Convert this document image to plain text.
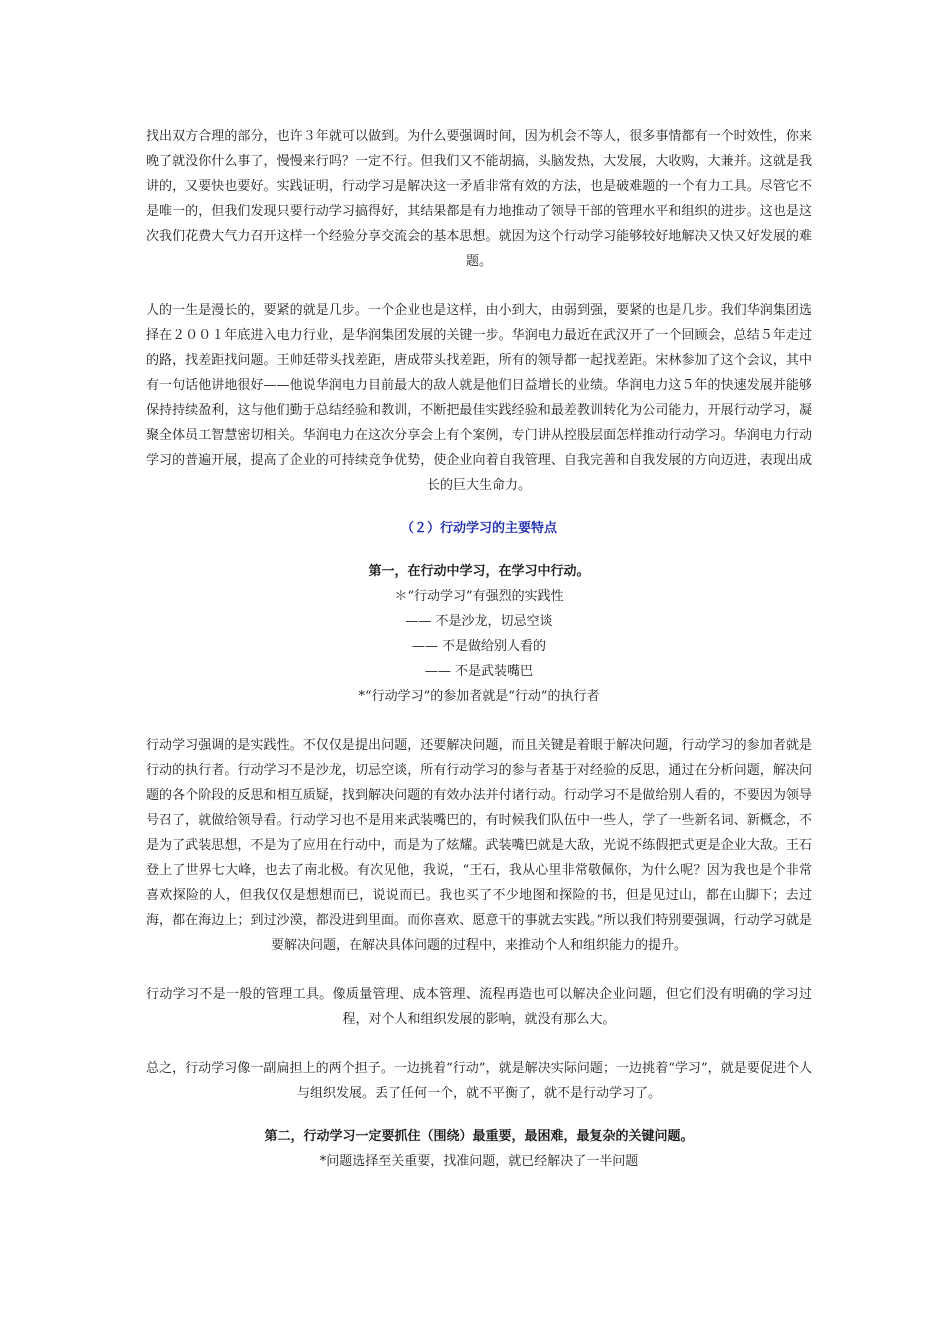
找出双方合理的部分，也许３年就可以做到。为什么要强调时间，因为机会不等人，很多事情都有一个时效性，你来晚了就没你什么事了，慢慢来行吗？一定不行。但我们又不能胡搞，头脑发热，大发展，大收购，大兼并。这就是我讲的，又要快也要好。实践证明，行动学习是解决这一矛盾非常有效的方法，也是破难题的一个有力工具。尽管它不是唯一的，但我们发现只要行动学习搞得好，其结果都是有力地推动了领导干部的管理水平和组织的进步。这也是这次我们花费大气力召开这样一个经验分享交流会的基本思想。就因为这个行动学习能够较好地解决又快又好发展的难题。

人的一生是漫长的，要紧的就是几步。一个企业也是这样，由小到大，由弱到强，要紧的也是几步。我们华润集团选择在２００１年底进入电力行业，是华润集团发展的关键一步。华润电力最近在武汉开了一个回顾会，总结５年走过的路，找差距找问题。王帅廷带头找差距，唐成带头找差距，所有的领导都一起找差距。宋林参加了这个会议，其中有一句话他讲地很好——他说华润电力目前最大的敌人就是他们日益增长的业绩。华润电力这５年的快速发展并能够保持持续盈利，这与他们勤于总结经验和教训，不断把最佳实践经验和最差教训转化为公司能力，开展行动学习，凝聚全体员工智慧密切相关。华润电力在这次分享会上有个案例，专门讲从控股层面怎样推动行动学习。华润电力行动学习的普遍开展，提高了企业的可持续竞争优势，使企业向着自我管理、自我完善和自我发展的方向迈进，表现出成长的巨大生命力。

（２）行动学习的主要特点

第一，在行动中学习，在学习中行动。

＊“行动学习”有强烈的实践性

—— 不是沙龙，切忌空谈

—— 不是做给别人看的

—— 不是武装嘴巴

*“行动学习”的参加者就是“行动”的执行者

行动学习强调的是实践性。不仅仅是提出问题，还要解决问题，而且关键是着眼于解决问题，行动学习的参加者就是行动的执行者。行动学习不是沙龙，切忌空谈，所有行动学习的参与者基于对经验的反思，通过在分析问题，解决问题的各个阶段的反思和相互质疑，找到解决问题的有效办法并付诸行动。行动学习不是做给别人看的，不要因为领导号召了，就做给领导看。行动学习也不是用来武装嘴巴的，有时候我们队伍中一些人，学了一些新名词、新概念，不是为了武装思想，不是为了应用在行动中，而是为了炫耀。武装嘴巴就是大敌，光说不练假把式更是企业大敌。王石登上了世界七大峰，也去了南北极。有次见他，我说，“王石，我从心里非常敬佩你，为什么呢？因为我也是个非常喜欢探险的人，但我仅仅是想想而已，说说而已。我也买了不少地图和探险的书，但是见过山，都在山脚下；去过海，都在海边上；到过沙漠，都没进到里面。而你喜欢、愿意干的事就去实践。”所以我们特别要强调，行动学习就是要解决问题，在解决具体问题的过程中，来推动个人和组织能力的提升。

行动学习不是一般的管理工具。像质量管理、成本管理、流程再造也可以解决企业问题，但它们没有明确的学习过程，对个人和组织发展的影响，就没有那么大。

总之，行动学习像一副扁担上的两个担子。一边挑着“行动”，就是解决实际问题；一边挑着“学习”，就是要促进个人与组织发展。丢了任何一个，就不平衡了，就不是行动学习了。

第二，行动学习一定要抓住（围绕）最重要，最困难，最复杂的关键问题。

*问题选择至关重要，找准问题，就已经解决了一半问题
